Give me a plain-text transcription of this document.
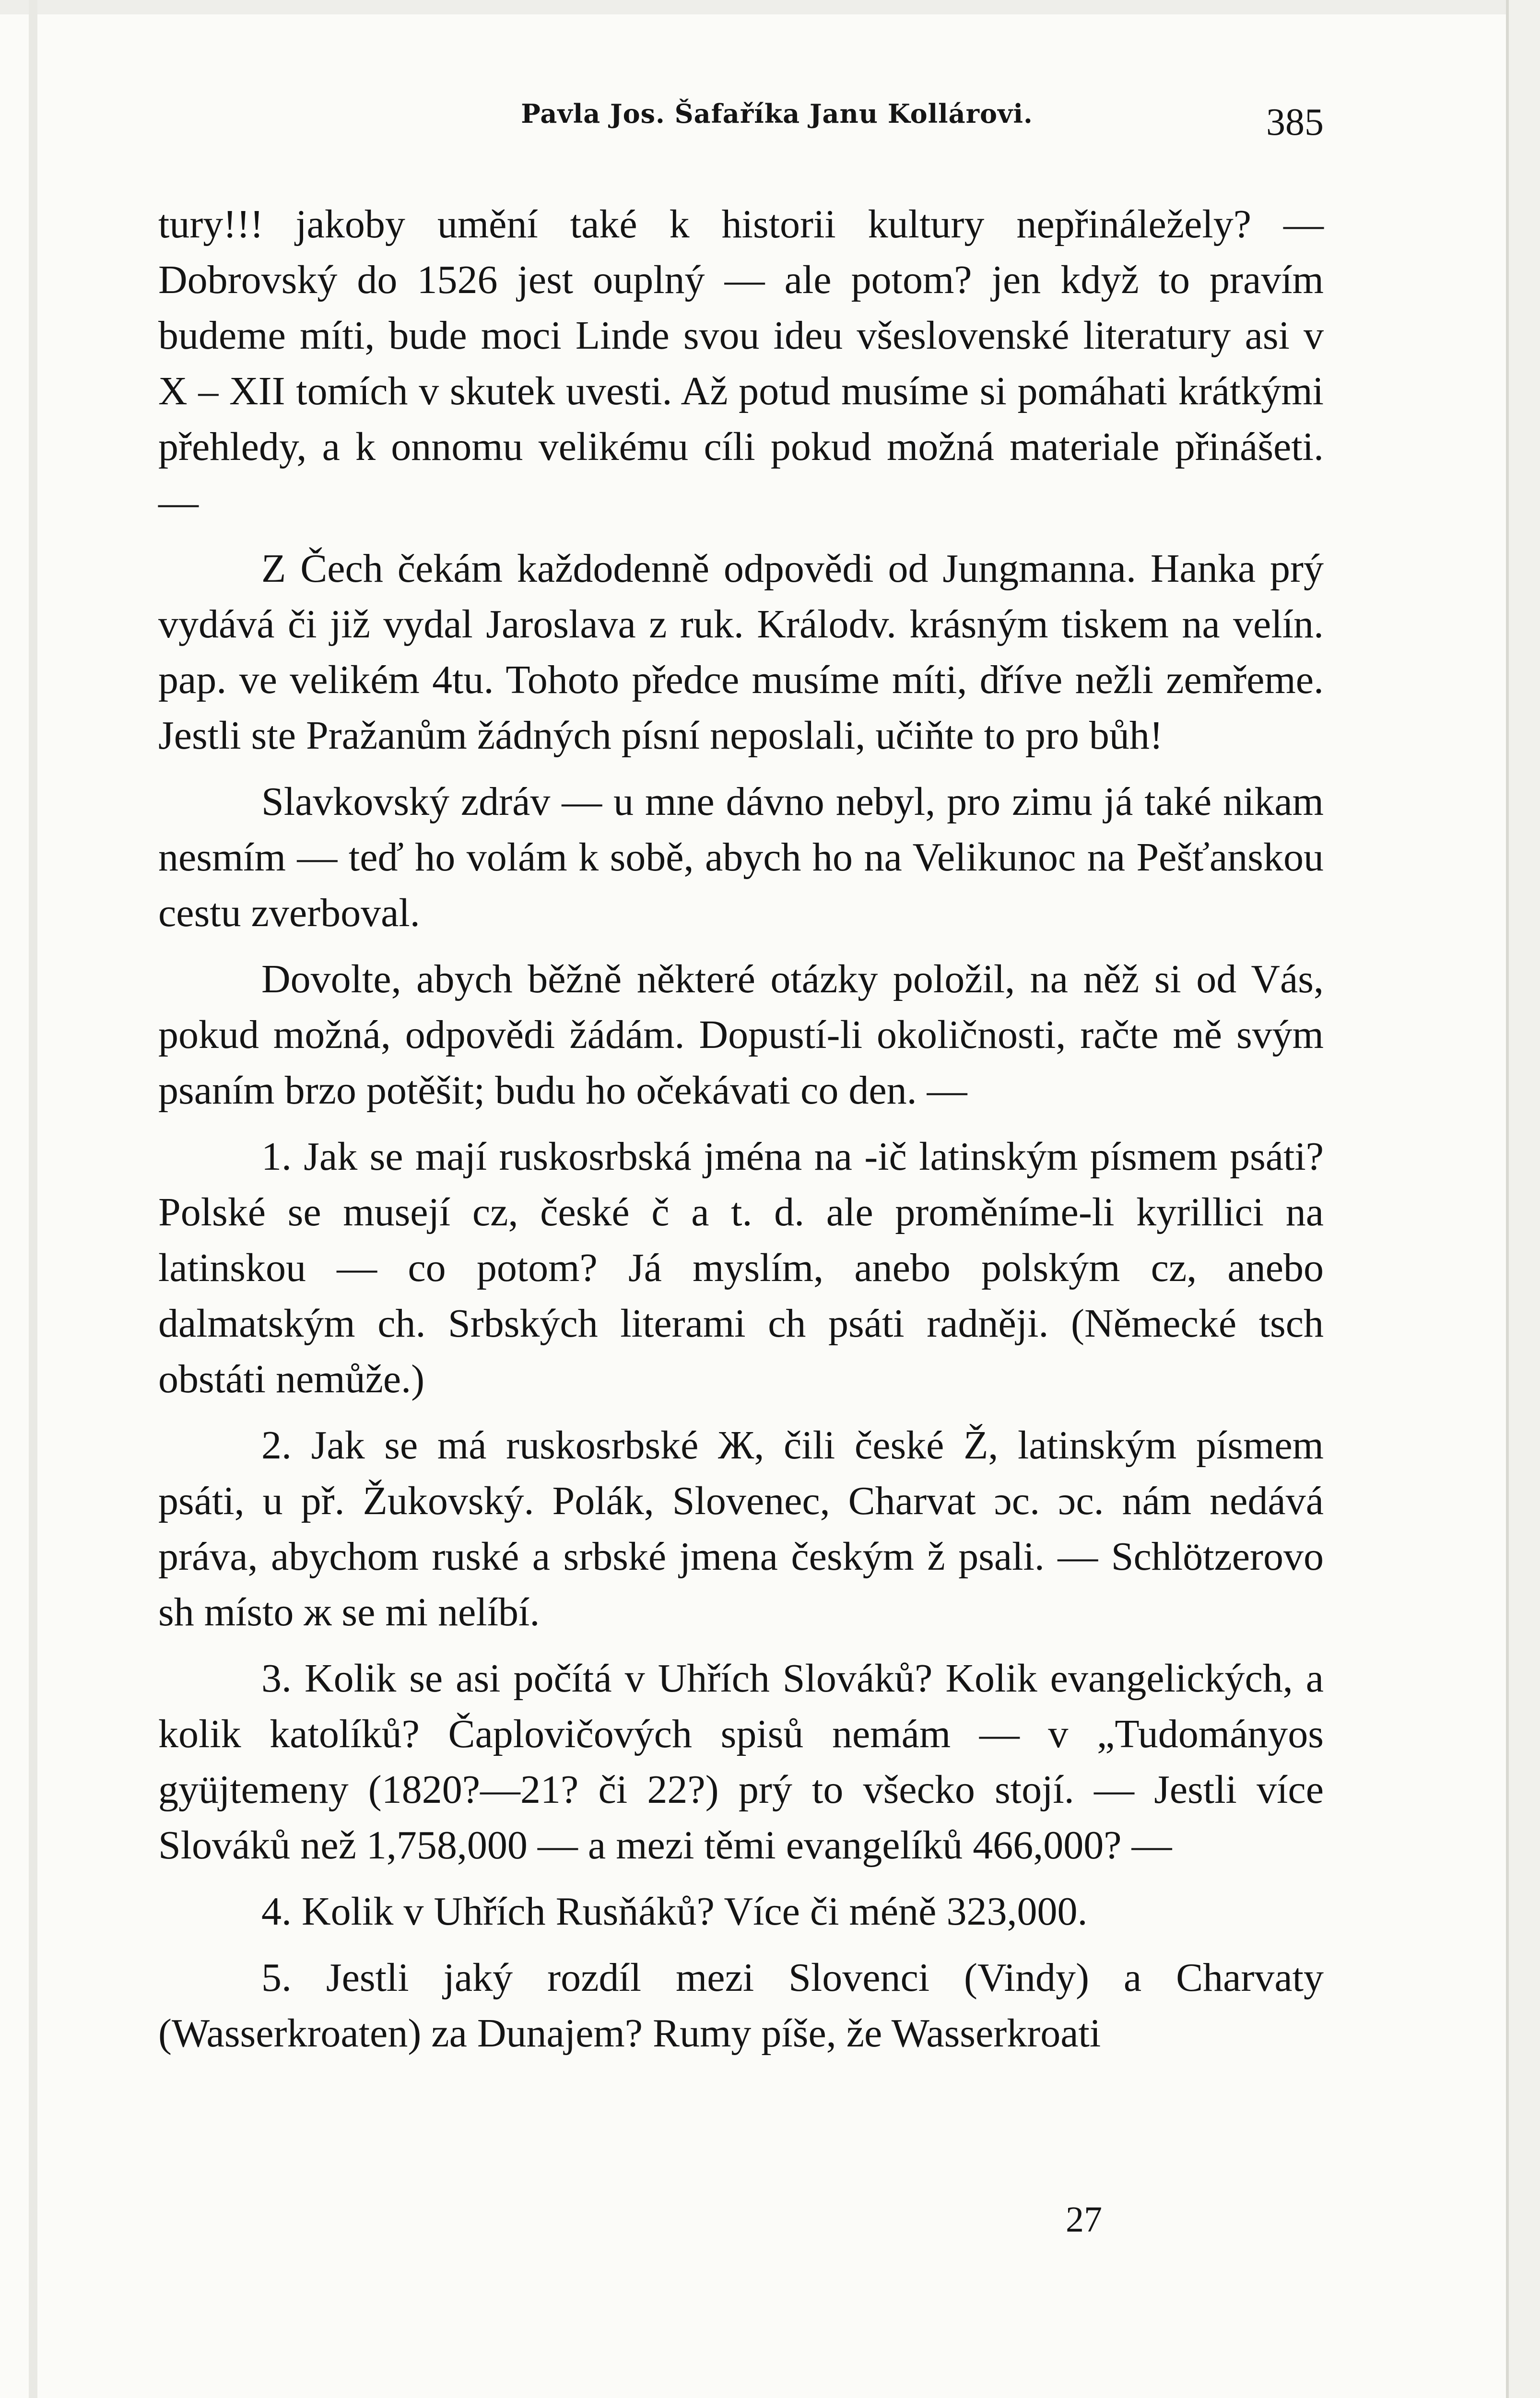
Pavla Jos. Šafaříka Janu Kollárovi.	385

tury!!! jakoby umění také k historii kultury nepřináležely? — Dobrovský do 1526 jest ouplný — ale potom? jen když to pravím budeme míti, bude moci Linde svou ideu všeslovenské literatury asi v X – XII tomích v skutek uvesti. Až potud musíme si pomáhati krátkými přehledy, a k onnomu velikému cíli pokud možná materiale přinášeti. —

Z Čech čekám každodenně odpovědi od Jungmanna. Hanka prý vydává či již vydal Jaroslava z ruk. Králodv. krásným tiskem na velín. pap. ve velikém 4tu. Tohoto předce musíme míti, dříve nežli zemřeme. Jestli ste Pražanům žádných písní neposlali, učiňte to pro bůh!

Slavkovský zdráv — u mne dávno nebyl, pro zimu já také nikam nesmím — teď ho volám k sobě, abych ho na Velikunoc na Pešťanskou cestu zverboval.

Dovolte, abych běžně některé otázky položil, na něž si od Vás, pokud možná, odpovědi žádám. Dopustí-li okoličnosti, račte mě svým psaním brzo potěšit; budu ho očekávati co den. —

1. Jak se mají ruskosrbská jména na -ič latinským písmem psáti? Polské se musejí cz, české č a t. d. ale proměníme-li kyrillici na latinskou — co potom? Já myslím, anebo polským cz, anebo dalmatským ch. Srbských literami ch psáti radněji. (Německé tsch obstáti nemůže.)

2. Jak se má ruskosrbské Ж, čili české Ž, latinským písmem psáti, u př. Žukovský. Polák, Slovenec, Charvat ɔc. ɔc. nám nedává práva, abychom ruské a srbské jmena českým ž psali. — Schlötzerovo sh místo ж se mi nelíbí.

3. Kolik se asi počítá v Uhřích Slováků? Kolik evangelických, a kolik katolíků? Čaplovičových spisů nemám — v „Tudományos gyüjtemeny (1820?—21? či 22?) prý to všecko stojí. — Jestli více Slováků než 1,758,000 — a mezi těmi evangelíků 466,000? —

4. Kolik v Uhřích Rusňáků? Více či méně 323,000.

5. Jestli jaký rozdíl mezi Slovenci (Vindy) a Charvaty (Wasserkroaten) za Dunajem? Rumy píše, že Wasserkroati

27
